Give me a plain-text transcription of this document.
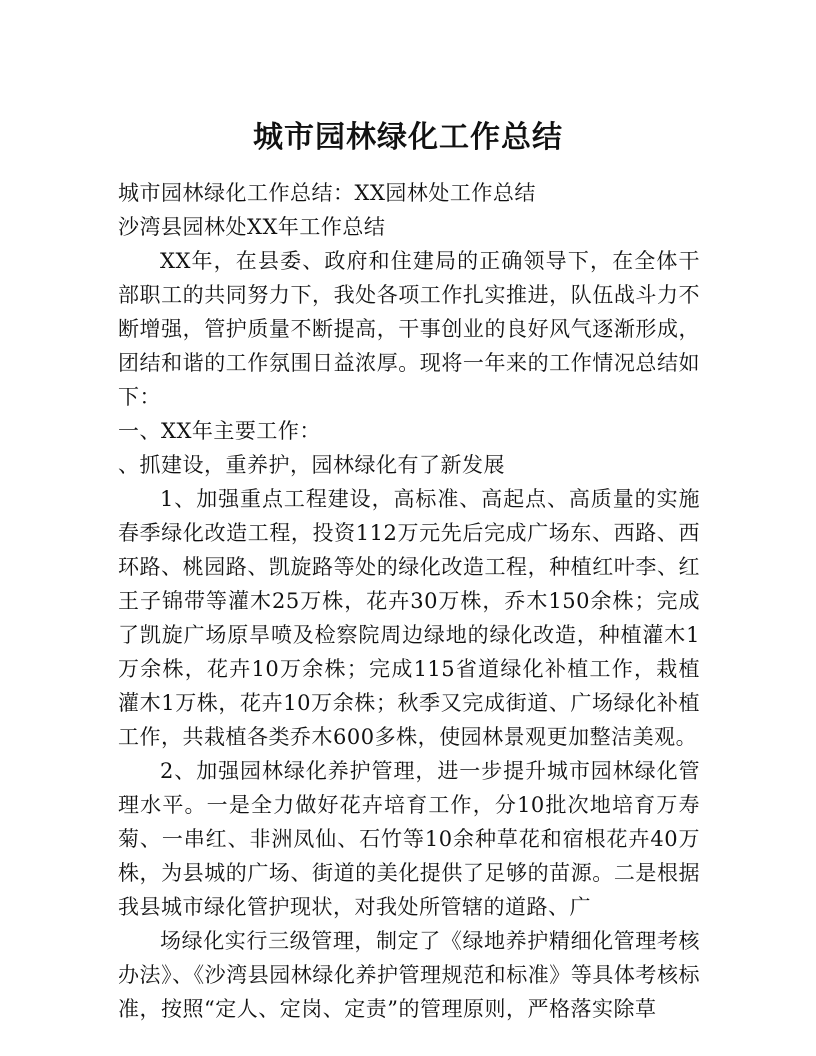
城市园林绿化工作总结

城市园林绿化工作总结：XX园林处工作总结

沙湾县园林处XX年工作总结

XX年，在县委、政府和住建局的正确领导下，在全体干部职工的共同努力下，我处各项工作扎实推进，队伍战斗力不断增强，管护质量不断提高，干事创业的良好风气逐渐形成，团结和谐的工作氛围日益浓厚。现将一年来的工作情况总结如下：

一、XX年主要工作：

、抓建设，重养护，园林绿化有了新发展

1、加强重点工程建设，高标准、高起点、高质量的实施春季绿化改造工程，投资112万元先后完成广场东、西路、西环路、桃园路、凯旋路等处的绿化改造工程，种植红叶李、红王子锦带等灌木25万株，花卉30万株，乔木150余株；完成了凯旋广场原旱喷及检察院周边绿地的绿化改造，种植灌木1万余株，花卉10万余株；完成115省道绿化补植工作，栽植灌木1万株，花卉10万余株；秋季又完成街道、广场绿化补植工作，共栽植各类乔木600多株，使园林景观更加整洁美观。

2、加强园林绿化养护管理，进一步提升城市园林绿化管理水平。一是全力做好花卉培育工作，分10批次地培育万寿菊、一串红、非洲凤仙、石竹等10余种草花和宿根花卉40万株，为县城的广场、街道的美化提供了足够的苗源。二是根据我县城市绿化管护现状，对我处所管辖的道路、广

场绿化实行三级管理，制定了《绿地养护精细化管理考核办法》、《沙湾县园林绿化养护管理规范和标准》等具体考核标准，按照“定人、定岗、定责”的管理原则，严格落实除草
